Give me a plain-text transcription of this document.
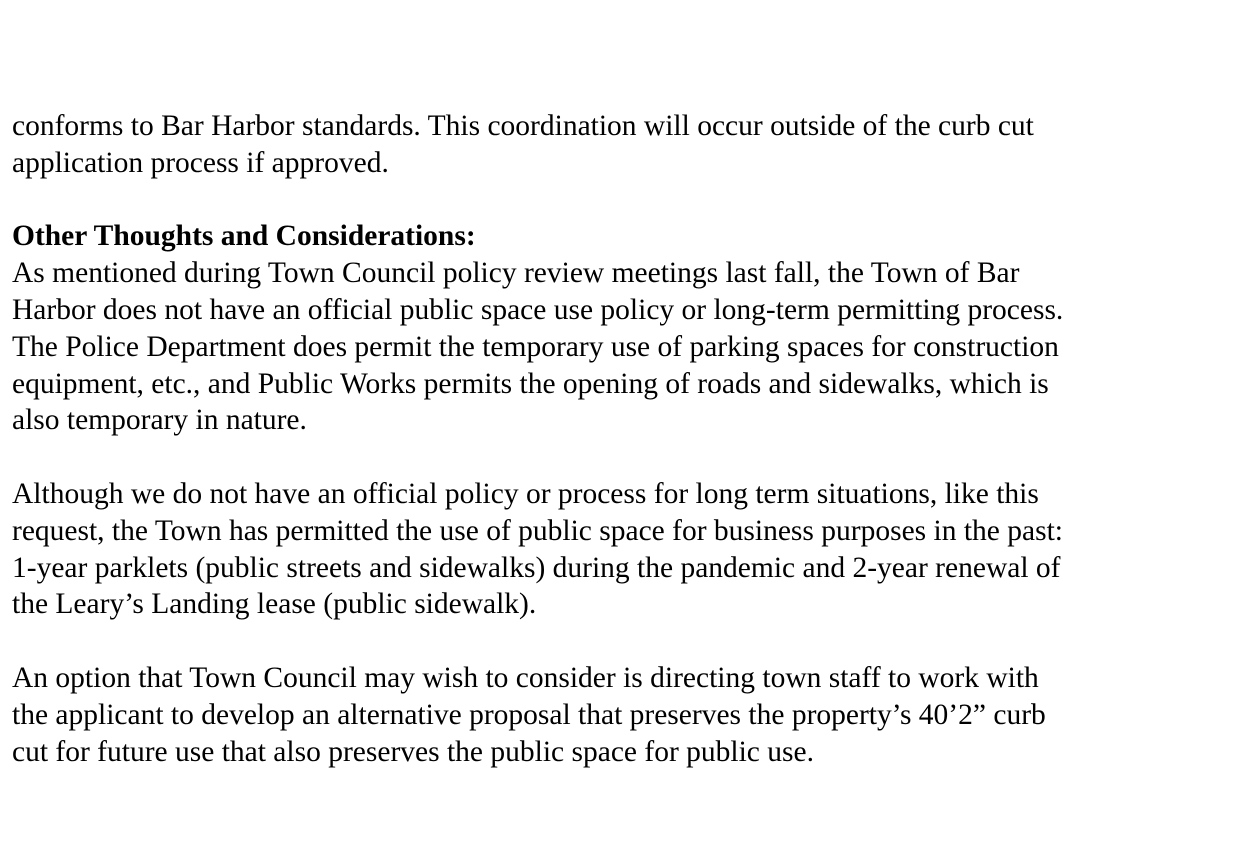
conforms to Bar Harbor standards. This coordination will occur outside of the curb cut
application process if approved.
Other Thoughts and Considerations:
As mentioned during Town Council policy review meetings last fall, the Town of Bar
Harbor does not have an official public space use policy or long-term permitting process.
The Police Department does permit the temporary use of parking spaces for construction
equipment, etc., and Public Works permits the opening of roads and sidewalks, which is
also temporary in nature.
Although we do not have an official policy or process for long term situations, like this
request, the Town has permitted the use of public space for business purposes in the past:
1-year parklets (public streets and sidewalks) during the pandemic and 2-year renewal of
the Leary’s Landing lease (public sidewalk).
An option that Town Council may wish to consider is directing town staff to work with
the applicant to develop an alternative proposal that preserves the property’s 40’2” curb
cut for future use that also preserves the public space for public use.
